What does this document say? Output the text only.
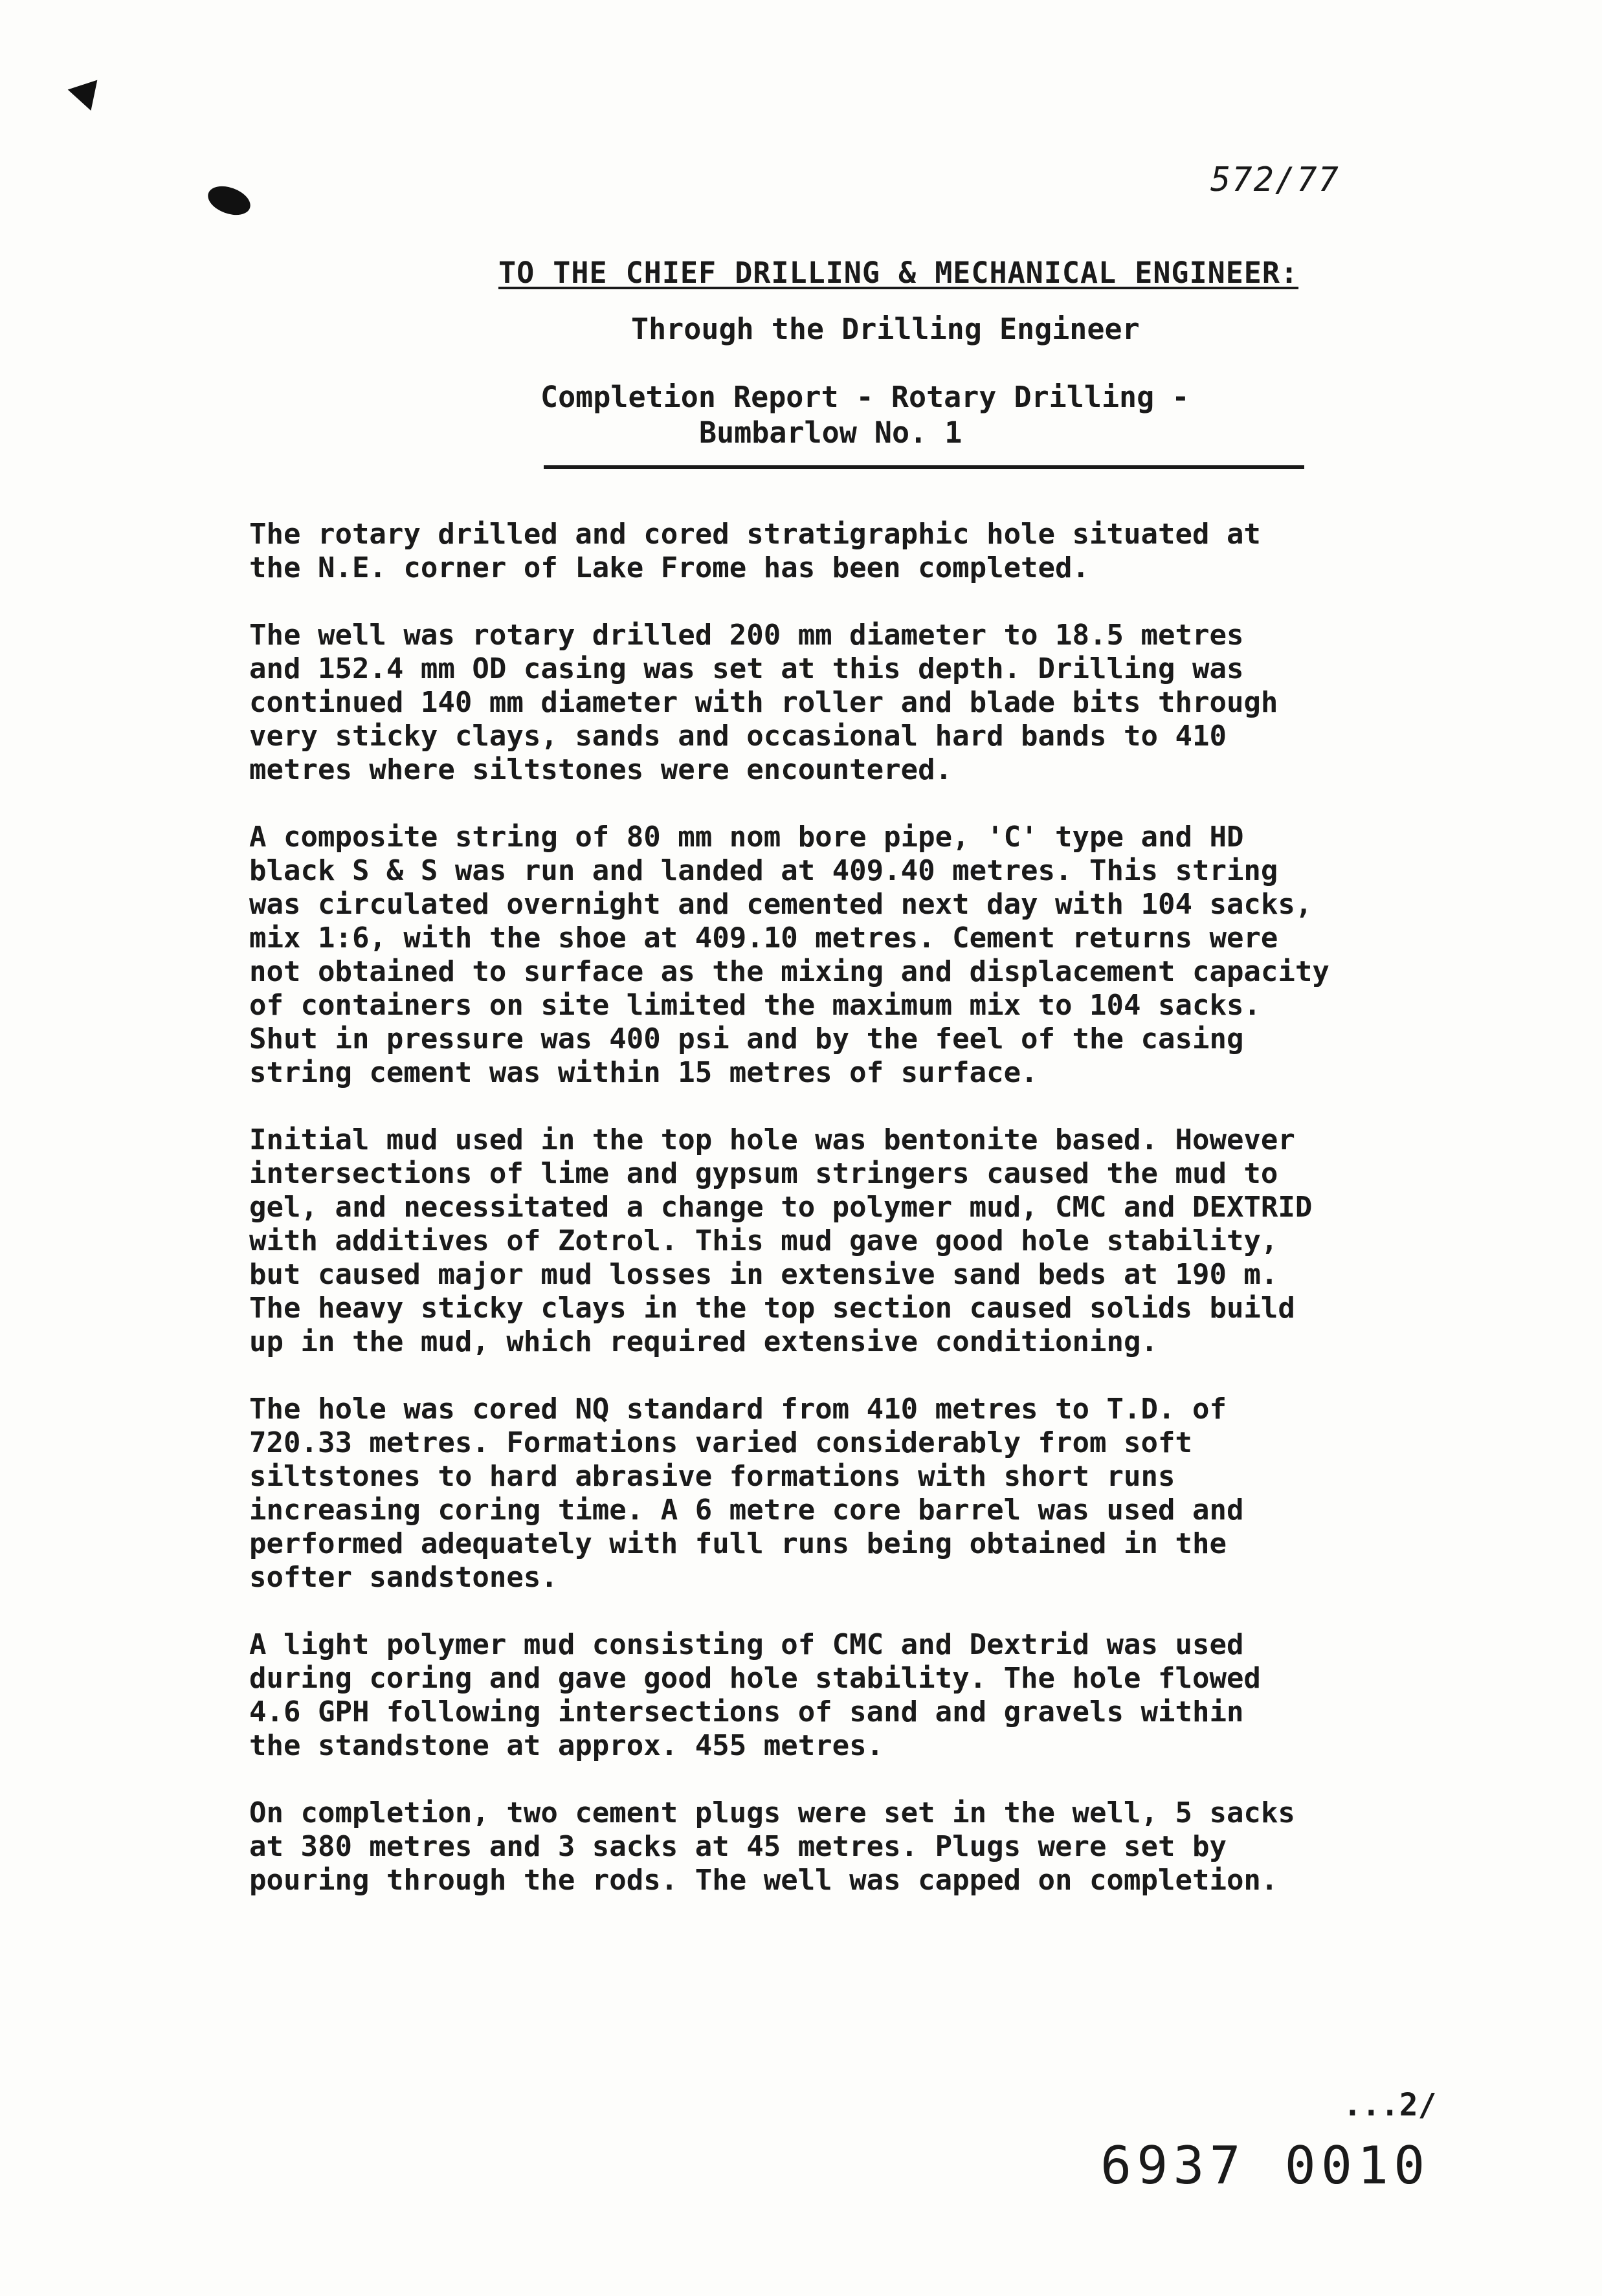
572/77
TO THE CHIEF DRILLING & MECHANICAL ENGINEER:
Through the Drilling Engineer
Completion Report - Rotary Drilling -
Bumbarlow No. 1

The rotary drilled and cored stratigraphic hole situated at
the N.E. corner of Lake Frome has been completed.

The well was rotary drilled 200 mm diameter to 18.5 metres
and 152.4 mm OD casing was set at this depth. Drilling was
continued 140 mm diameter with roller and blade bits through
very sticky clays, sands and occasional hard bands to 410
metres where siltstones were encountered.

A composite string of 80 mm nom bore pipe, 'C' type and HD
black S & S was run and landed at 409.40 metres. This string
was circulated overnight and cemented next day with 104 sacks,
mix 1:6, with the shoe at 409.10 metres. Cement returns were
not obtained to surface as the mixing and displacement capacity
of containers on site limited the maximum mix to 104 sacks.
Shut in pressure was 400 psi and by the feel of the casing
string cement was within 15 metres of surface.

Initial mud used in the top hole was bentonite based. However
intersections of lime and gypsum stringers caused the mud to
gel, and necessitated a change to polymer mud, CMC and DEXTRID
with additives of Zotrol. This mud gave good hole stability,
but caused major mud losses in extensive sand beds at 190 m.
The heavy sticky clays in the top section caused solids build
up in the mud, which required extensive conditioning.

The hole was cored NQ standard from 410 metres to T.D. of
720.33 metres. Formations varied considerably from soft
siltstones to hard abrasive formations with short runs
increasing coring time. A 6 metre core barrel was used and
performed adequately with full runs being obtained in the
softer sandstones.

A light polymer mud consisting of CMC and Dextrid was used
during coring and gave good hole stability. The hole flowed
4.6 GPH following intersections of sand and gravels within
the standstone at approx. 455 metres.

On completion, two cement plugs were set in the well, 5 sacks
at 380 metres and 3 sacks at 45 metres. Plugs were set by
pouring through the rods. The well was capped on completion.

...2/
6937 0010
